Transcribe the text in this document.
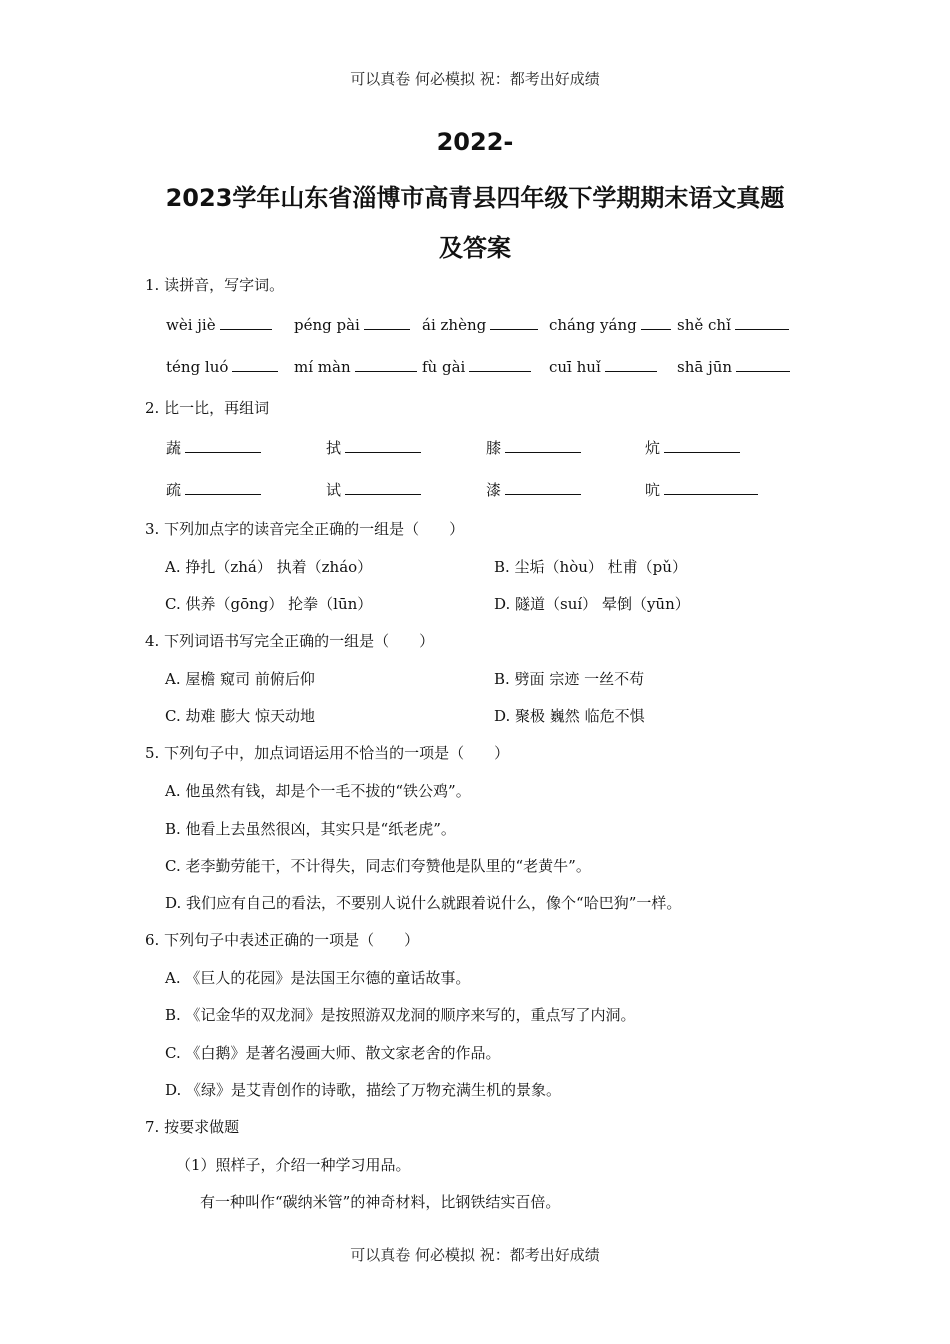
可以真卷 何必模拟 祝：都考出好成绩
2022-
2023学年山东省淄博市高青县四年级下学期期末语文真题
及答案
1. 读拼音，写字词。
wèi jiè	péng pài	ái zhèng	cháng yáng	shě chǐ
téng luó	mí màn	fù gài	cuī huǐ	shā jūn
2. 比一比，再组词
蔬	拭	膝	炕
疏	试	漆	吭
3. 下列加点字的读音完全正确的一组是（　　）
A. 挣扎（zhá） 执着（zháo）	B. 尘垢（hòu） 杜甫（pǔ）
C. 供养（gōng） 抡拳（lūn）	D. 隧道（suí） 晕倒（yūn）
4. 下列词语书写完全正确的一组是（　　）
A. 屋檐 窥司 前俯后仰	B. 劈面 宗迹 一丝不苟
C. 劫难 膨大 惊天动地	D. 聚极 巍然 临危不惧
5. 下列句子中，加点词语运用不恰当的一项是（　　）
A. 他虽然有钱，却是个一毛不拔的“铁公鸡”。
B. 他看上去虽然很凶，其实只是“纸老虎”。
C. 老李勤劳能干，不计得失，同志们夸赞他是队里的“老黄牛”。
D. 我们应有自己的看法，不要别人说什么就跟着说什么，像个“哈巴狗”一样。
6. 下列句子中表述正确的一项是（　　）
A. 《巨人的花园》是法国王尔德的童话故事。
B. 《记金华的双龙洞》是按照游双龙洞的顺序来写的，重点写了内洞。
C. 《白鹅》是著名漫画大师、散文家老舍的作品。
D. 《绿》是艾青创作的诗歌，描绘了万物充满生机的景象。
7. 按要求做题
（1）照样子，介绍一种学习用品。
有一种叫作“碳纳米管”的神奇材料，比钢铁结实百倍。
可以真卷 何必模拟 祝：都考出好成绩
